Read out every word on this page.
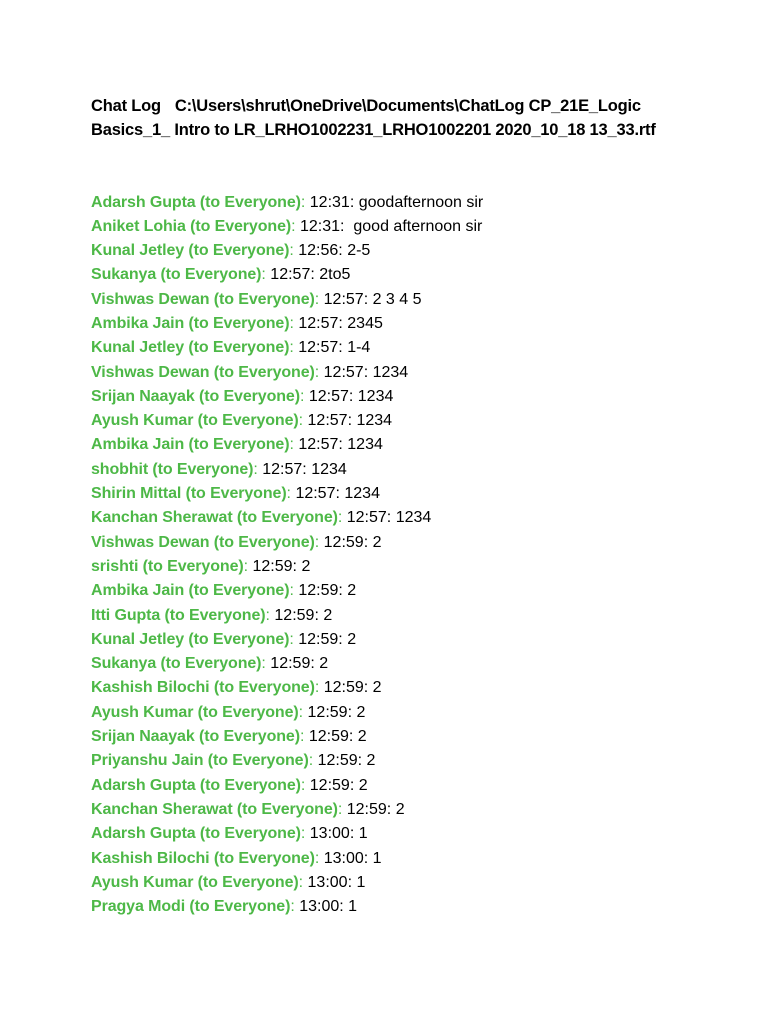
Chat Log C:\Users\shrut\OneDrive\Documents\ChatLog CP_21E_Logic Basics_1_ Intro to LR_LRHO1002231_LRHO1002201 2020_10_18 13_33.rtf
Adarsh Gupta (to Everyone): 12:31: goodafternoon sir
Aniket Lohia (to Everyone): 12:31:  good afternoon sir
Kunal Jetley (to Everyone): 12:56: 2-5
Sukanya (to Everyone): 12:57: 2to5
Vishwas Dewan (to Everyone): 12:57: 2 3 4 5
Ambika Jain (to Everyone): 12:57: 2345
Kunal Jetley (to Everyone): 12:57: 1-4
Vishwas Dewan (to Everyone): 12:57: 1234
Srijan Naayak (to Everyone): 12:57: 1234
Ayush Kumar (to Everyone): 12:57: 1234
Ambika Jain (to Everyone): 12:57: 1234
shobhit (to Everyone): 12:57: 1234
Shirin Mittal (to Everyone): 12:57: 1234
Kanchan Sherawat (to Everyone): 12:57: 1234
Vishwas Dewan (to Everyone): 12:59: 2
srishti (to Everyone): 12:59: 2
Ambika Jain (to Everyone): 12:59: 2
Itti Gupta (to Everyone): 12:59: 2
Kunal Jetley (to Everyone): 12:59: 2
Sukanya (to Everyone): 12:59: 2
Kashish Bilochi (to Everyone): 12:59: 2
Ayush Kumar (to Everyone): 12:59: 2
Srijan Naayak (to Everyone): 12:59: 2
Priyanshu Jain (to Everyone): 12:59: 2
Adarsh Gupta (to Everyone): 12:59: 2
Kanchan Sherawat (to Everyone): 12:59: 2
Adarsh Gupta (to Everyone): 13:00: 1
Kashish Bilochi (to Everyone): 13:00: 1
Ayush Kumar (to Everyone): 13:00: 1
Pragya Modi (to Everyone): 13:00: 1
